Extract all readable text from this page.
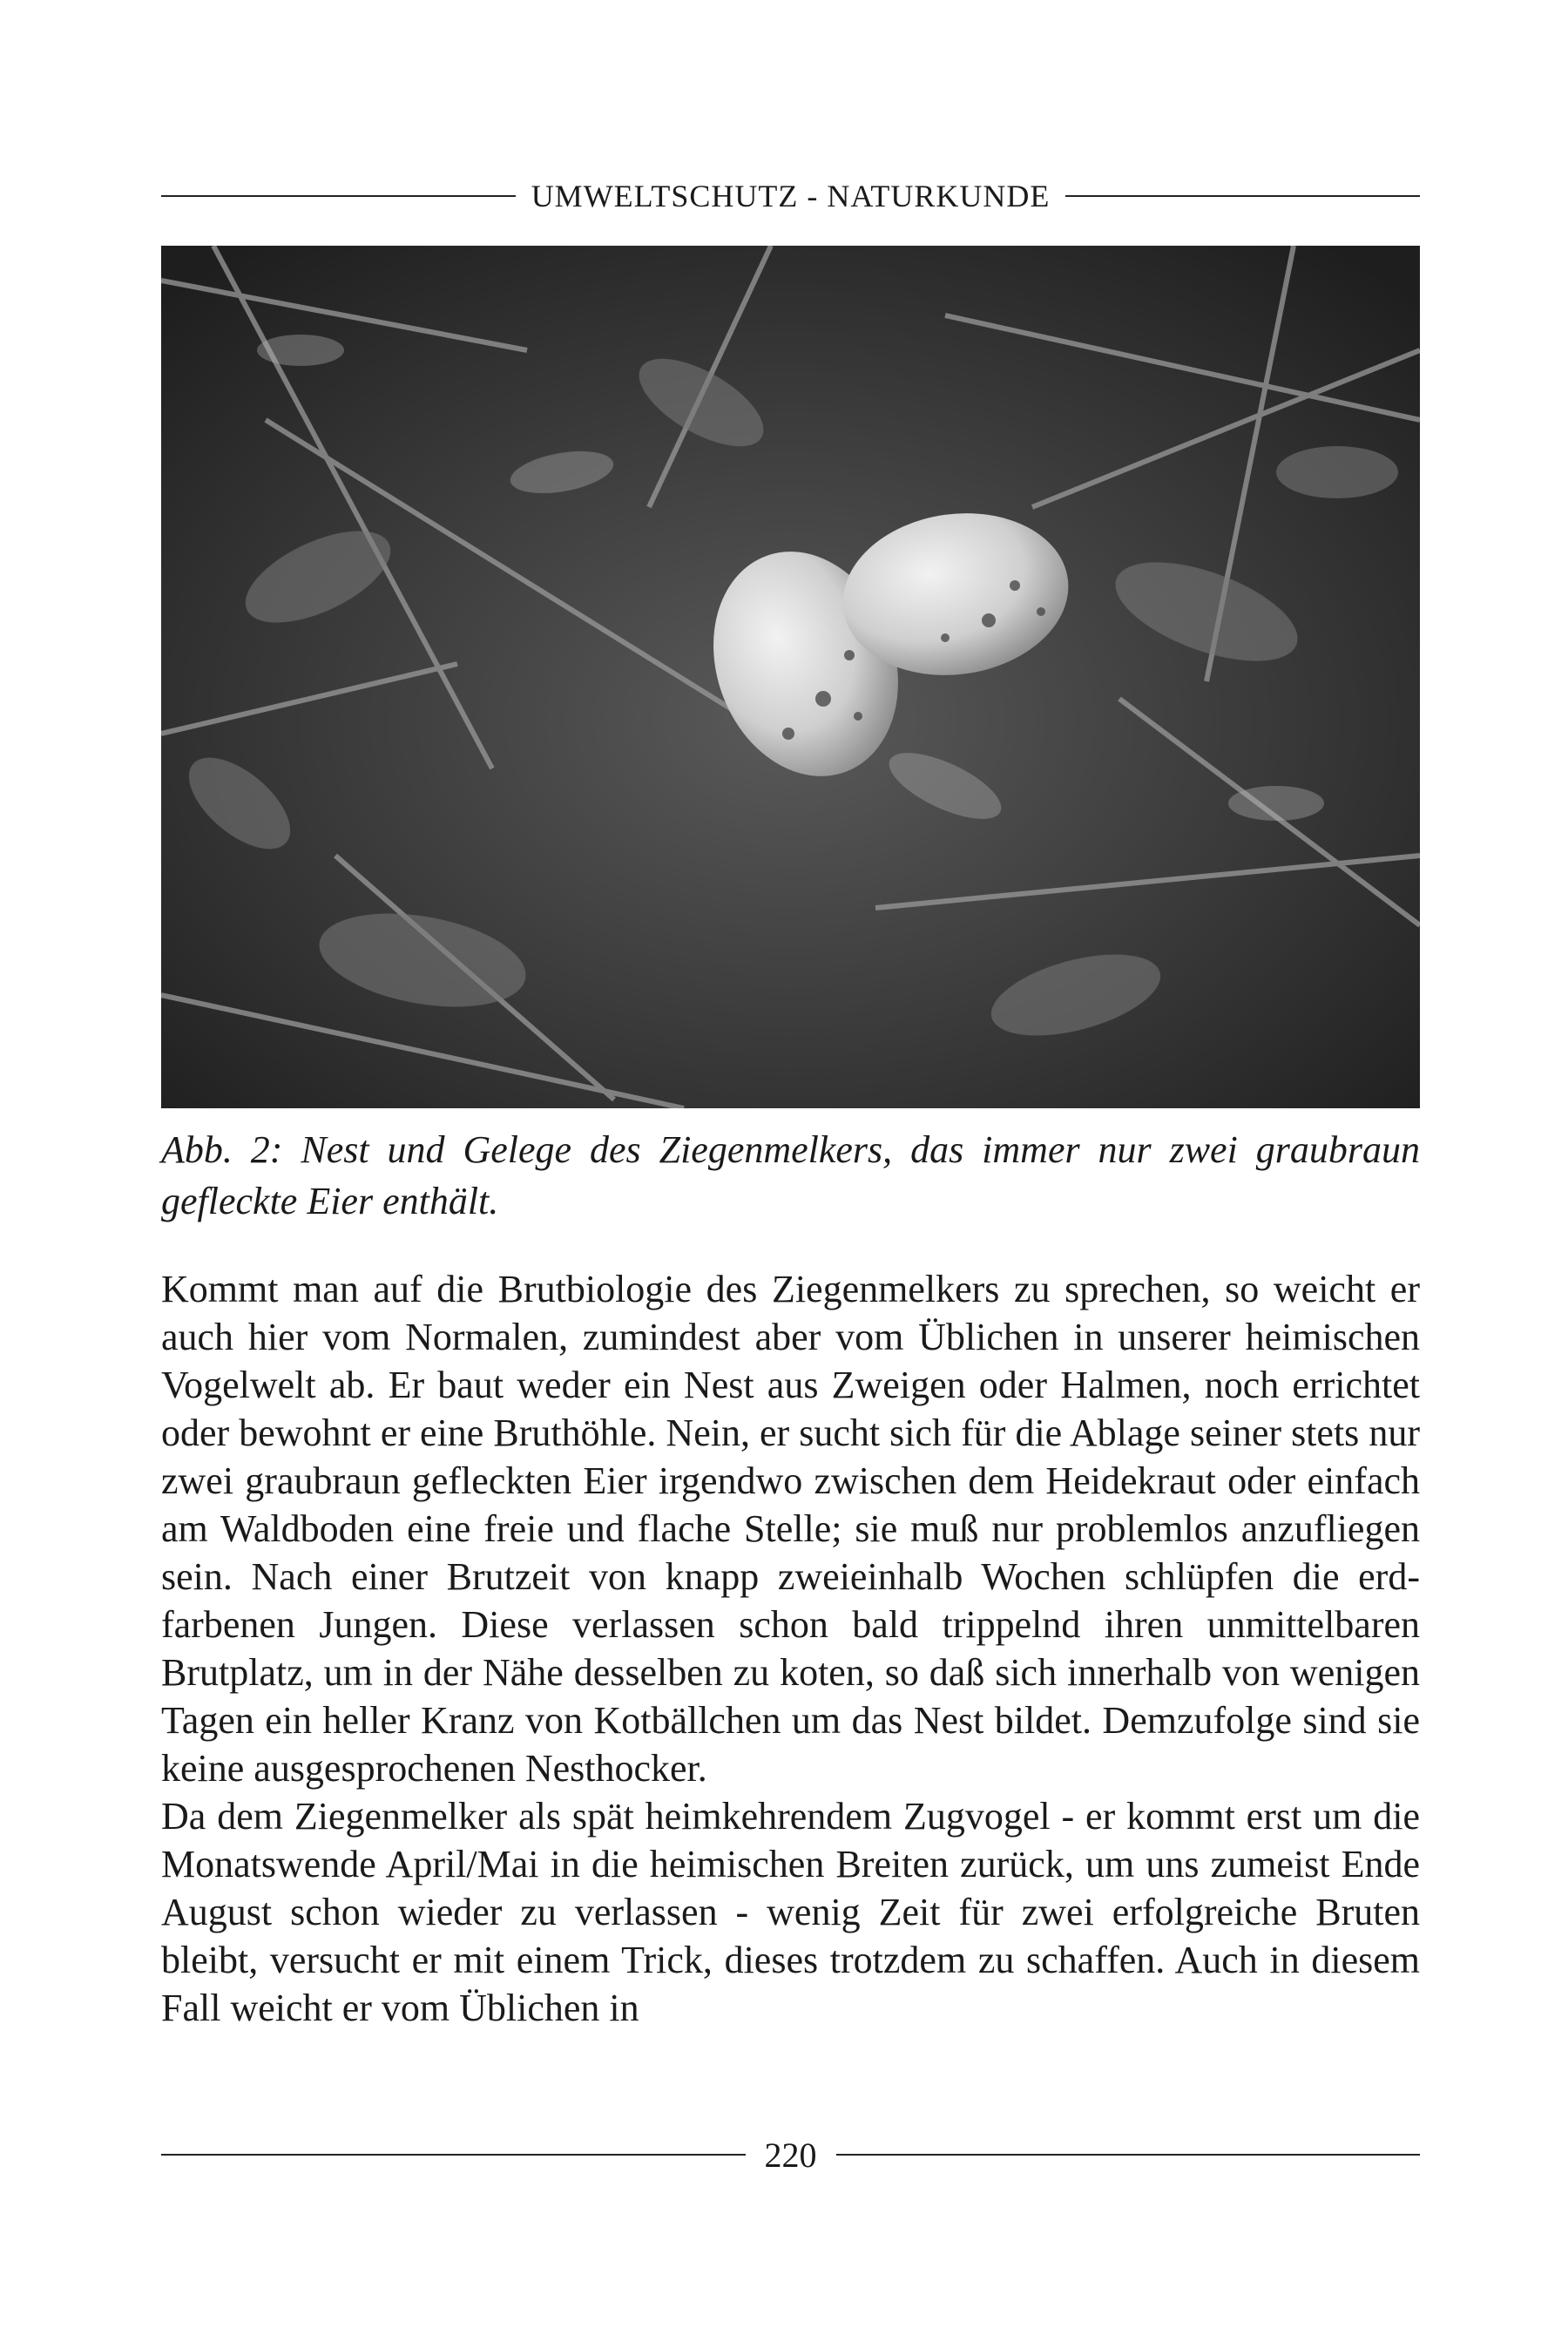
UMWELTSCHUTZ - NATURKUNDE
Abb. 2: Nest und Gelege des Ziegenmelkers, das immer nur zwei graubraun gefleckte Eier enthält.

Kommt man auf die Brutbiologie des Ziegenmelkers zu sprechen, so weicht er auch hier vom Normalen, zumindest aber vom Üblichen in unserer heimischen Vogelwelt ab. Er baut weder ein Nest aus Zweigen oder Halmen, noch errichtet oder bewohnt er eine Bruthöhle. Nein, er sucht sich für die Ablage seiner stets nur zwei graubraun gefleckten Eier irgendwo zwischen dem Heidekraut oder einfach am Waldboden eine freie und flache Stelle; sie muß nur problemlos anzufliegen sein. Nach einer Brutzeit von knapp zweieinhalb Wochen schlüpfen die erdfarbenen Jungen. Diese verlassen schon bald trippelnd ihren unmittelbaren Brutplatz, um in der Nähe desselben zu koten, so daß sich innerhalb von wenigen Tagen ein heller Kranz von Kotbällchen um das Nest bildet. Demzufolge sind sie keine ausgesprochenen Nesthocker.

Da dem Ziegenmelker als spät heimkehrendem Zugvogel - er kommt erst um die Monatswende April/Mai in die heimischen Breiten zurück, um uns zumeist Ende August schon wieder zu verlassen - wenig Zeit für zwei erfolgreiche Bruten bleibt, versucht er mit einem Trick, dieses trotzdem zu schaffen. Auch in diesem Fall weicht er vom Üblichen in

220
